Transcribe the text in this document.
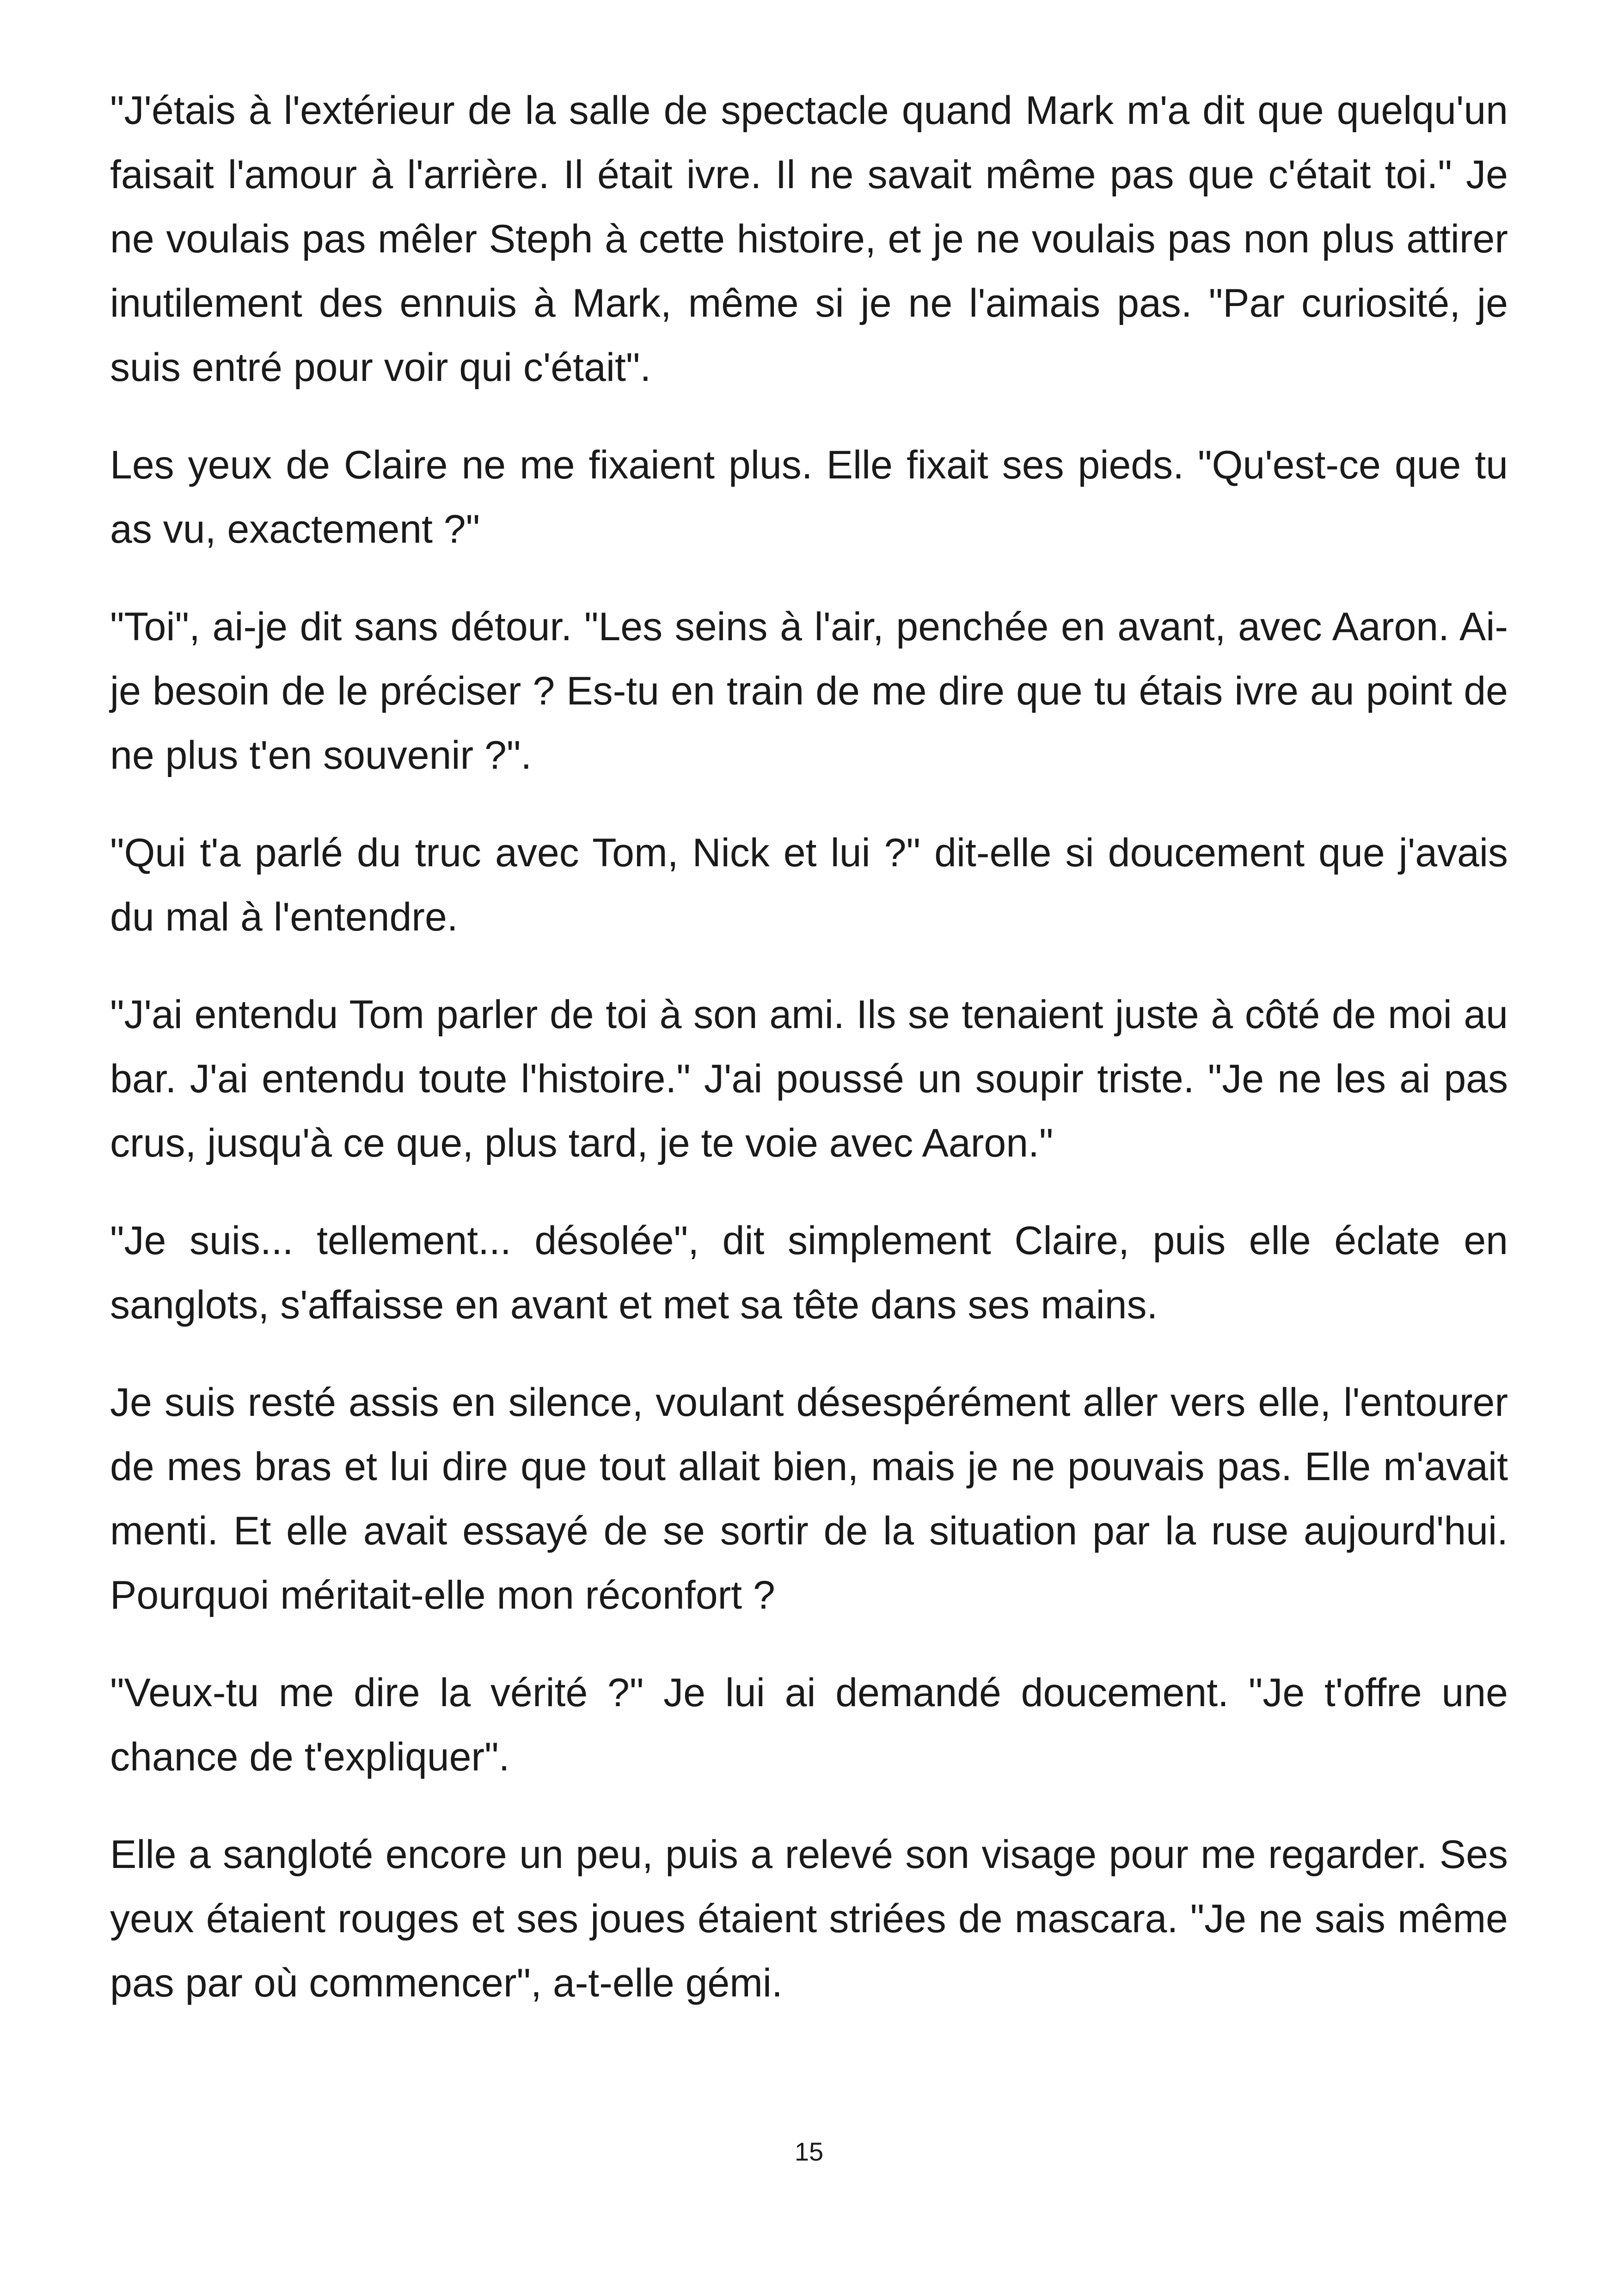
"J'étais à l'extérieur de la salle de spectacle quand Mark m'a dit que quelqu'un faisait l'amour à l'arrière. Il était ivre. Il ne savait même pas que c'était toi." Je ne voulais pas mêler Steph à cette histoire, et je ne voulais pas non plus attirer inutilement des ennuis à Mark, même si je ne l'aimais pas. "Par curiosité, je suis entré pour voir qui c'était".

Les yeux de Claire ne me fixaient plus. Elle fixait ses pieds. "Qu'est-ce que tu as vu, exactement ?"

"Toi", ai-je dit sans détour. "Les seins à l'air, penchée en avant, avec Aaron. Ai-je besoin de le préciser ? Es-tu en train de me dire que tu étais ivre au point de ne plus t'en souvenir ?".

"Qui t'a parlé du truc avec Tom, Nick et lui ?" dit-elle si doucement que j'avais du mal à l'entendre.

"J'ai entendu Tom parler de toi à son ami. Ils se tenaient juste à côté de moi au bar. J'ai entendu toute l'histoire." J'ai poussé un soupir triste. "Je ne les ai pas crus, jusqu'à ce que, plus tard, je te voie avec Aaron."

"Je suis... tellement... désolée", dit simplement Claire, puis elle éclate en sanglots, s'affaisse en avant et met sa tête dans ses mains.

Je suis resté assis en silence, voulant désespérément aller vers elle, l'entourer de mes bras et lui dire que tout allait bien, mais je ne pouvais pas. Elle m'avait menti. Et elle avait essayé de se sortir de la situation par la ruse aujourd'hui. Pourquoi méritait-elle mon réconfort ?

"Veux-tu me dire la vérité ?" Je lui ai demandé doucement. "Je t'offre une chance de t'expliquer".

Elle a sangloté encore un peu, puis a relevé son visage pour me regarder. Ses yeux étaient rouges et ses joues étaient striées de mascara. "Je ne sais même pas par où commencer", a-t-elle gémi.

15
